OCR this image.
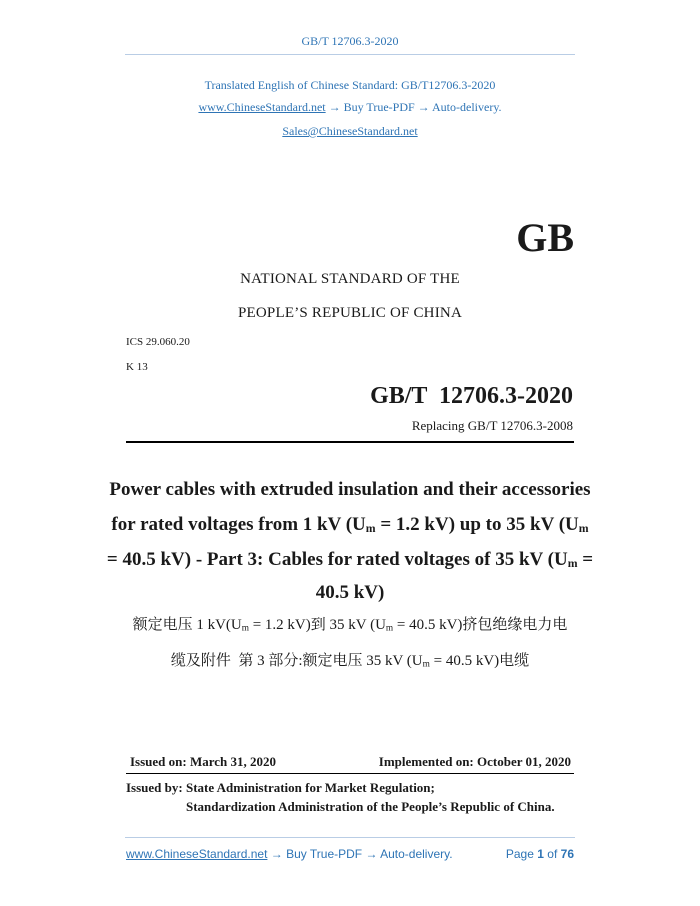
GB/T 12706.3-2020
Translated English of Chinese Standard: GB/T12706.3-2020
www.ChineseStandard.net → Buy True-PDF → Auto-delivery.
Sales@ChineseStandard.net
GB
NATIONAL STANDARD OF THE
PEOPLE’S REPUBLIC OF CHINA
ICS 29.060.20
K 13
GB/T  12706.3-2020
Replacing GB/T 12706.3-2008
Power cables with extruded insulation and their accessories
for rated voltages from 1 kV ($U_m = 1.2$ kV) up to 35 kV ($U_m$
= 40.5 kV) - Part 3: Cables for rated voltages of 35 kV ($U_m$ =
40.5 kV)
额定电压 1 $kV(U_m = 1.2$ kV)到 35 kV ($U_m = 40.5$ kV)挤包绝缘电力电
缆及附件  第 3 部分:额定电压 35 kV ($U_m = 40.5$ kV)电缆
Issued on: March 31, 2020	Implemented on: October 01, 2020
Issued by: State Administration for Market Regulation;
Standardization Administration of the People’s Republic of China.
www.ChineseStandard.net → Buy True-PDF → Auto-delivery.	Page 1 of 76
